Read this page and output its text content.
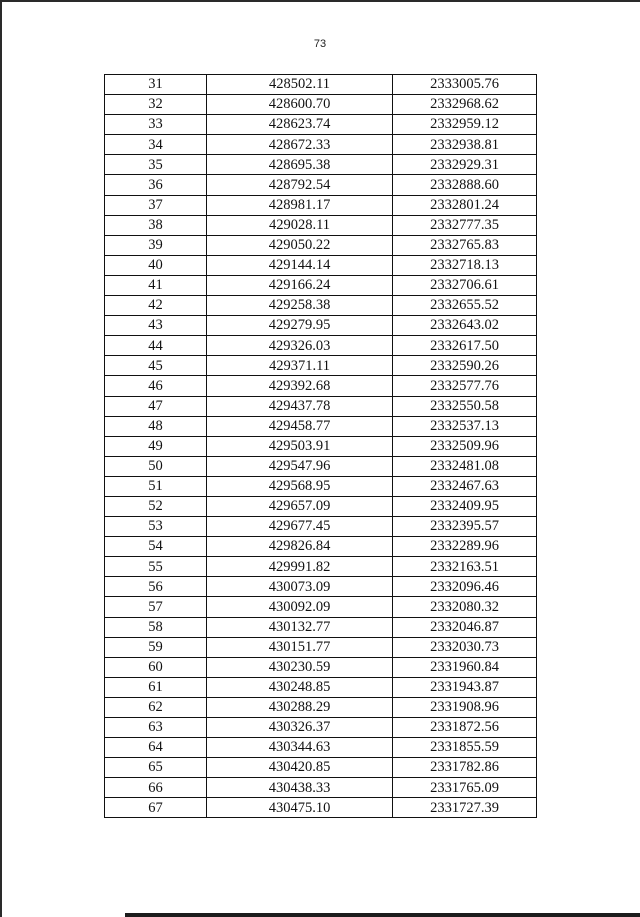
73
31	428502.11	2333005.76
32	428600.70	2332968.62
33	428623.74	2332959.12
34	428672.33	2332938.81
35	428695.38	2332929.31
36	428792.54	2332888.60
37	428981.17	2332801.24
38	429028.11	2332777.35
39	429050.22	2332765.83
40	429144.14	2332718.13
41	429166.24	2332706.61
42	429258.38	2332655.52
43	429279.95	2332643.02
44	429326.03	2332617.50
45	429371.11	2332590.26
46	429392.68	2332577.76
47	429437.78	2332550.58
48	429458.77	2332537.13
49	429503.91	2332509.96
50	429547.96	2332481.08
51	429568.95	2332467.63
52	429657.09	2332409.95
53	429677.45	2332395.57
54	429826.84	2332289.96
55	429991.82	2332163.51
56	430073.09	2332096.46
57	430092.09	2332080.32
58	430132.77	2332046.87
59	430151.77	2332030.73
60	430230.59	2331960.84
61	430248.85	2331943.87
62	430288.29	2331908.96
63	430326.37	2331872.56
64	430344.63	2331855.59
65	430420.85	2331782.86
66	430438.33	2331765.09
67	430475.10	2331727.39
